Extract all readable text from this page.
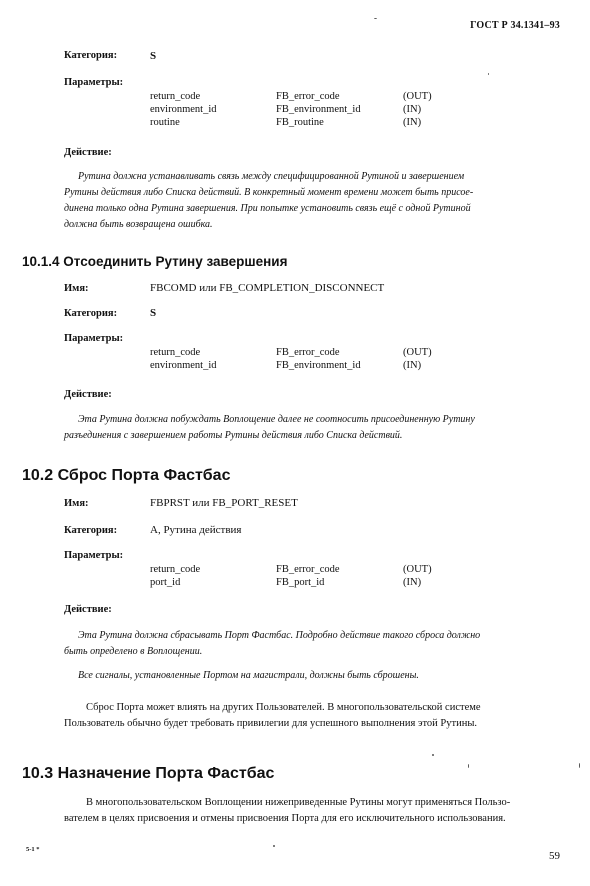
ГОСТ Р 34.1341–93
Категория:	S
Параметры:
return_code	FB_error_code	(OUT)
environment_id	FB_environment_id	(IN)
routine	FB_routine	(IN)
Действие:
Рутина должна устанавливать связь между специфицированной Рутиной и завершением
Рутины действия либо Списка действий. В конкретный момент времени может быть присое-
динена только одна Рутина завершения. При попытке установить связь ещё с одной Рутиной
должна быть возвращена ошибка.
10.1.4 Отсоединить Рутину завершения
Имя:	FBCOMD или FB_COMPLETION_DISCONNECT
Категория:	S
Параметры:
return_code	FB_error_code	(OUT)
environment_id	FB_environment_id	(IN)
Действие:
Эта Рутина должна побуждать Воплощение далее не соотносить присоединенную Рутину
разъединения с завершением работы Рутины действия либо Списка действий.
10.2 Сброс Порта Фастбас
Имя:	FBPRST или FB_PORT_RESET
Категория:	A, Рутина действия
Параметры:
return_code	FB_error_code	(OUT)
port_id	FB_port_id	(IN)
Действие:
Эта Рутина должна сбрасывать Порт Фастбас. Подробно действие такого сброса должно
быть определено в Воплощении.
Все сигналы, установленные Портом на магистрали, должны быть сброшены.
Сброс Порта может влиять на других Пользователей. В многопользовательской системе
Пользователь обычно будет требовать привилегии для успешного выполнения этой Рутины.
10.3 Назначение Порта Фастбас
В многопользовательском Воплощении нижеприведенные Рутины могут применяться Пользо-
вателем в целях присвоения и отмены присвоения Порта для его исключительного использования.
5-1 *
59
